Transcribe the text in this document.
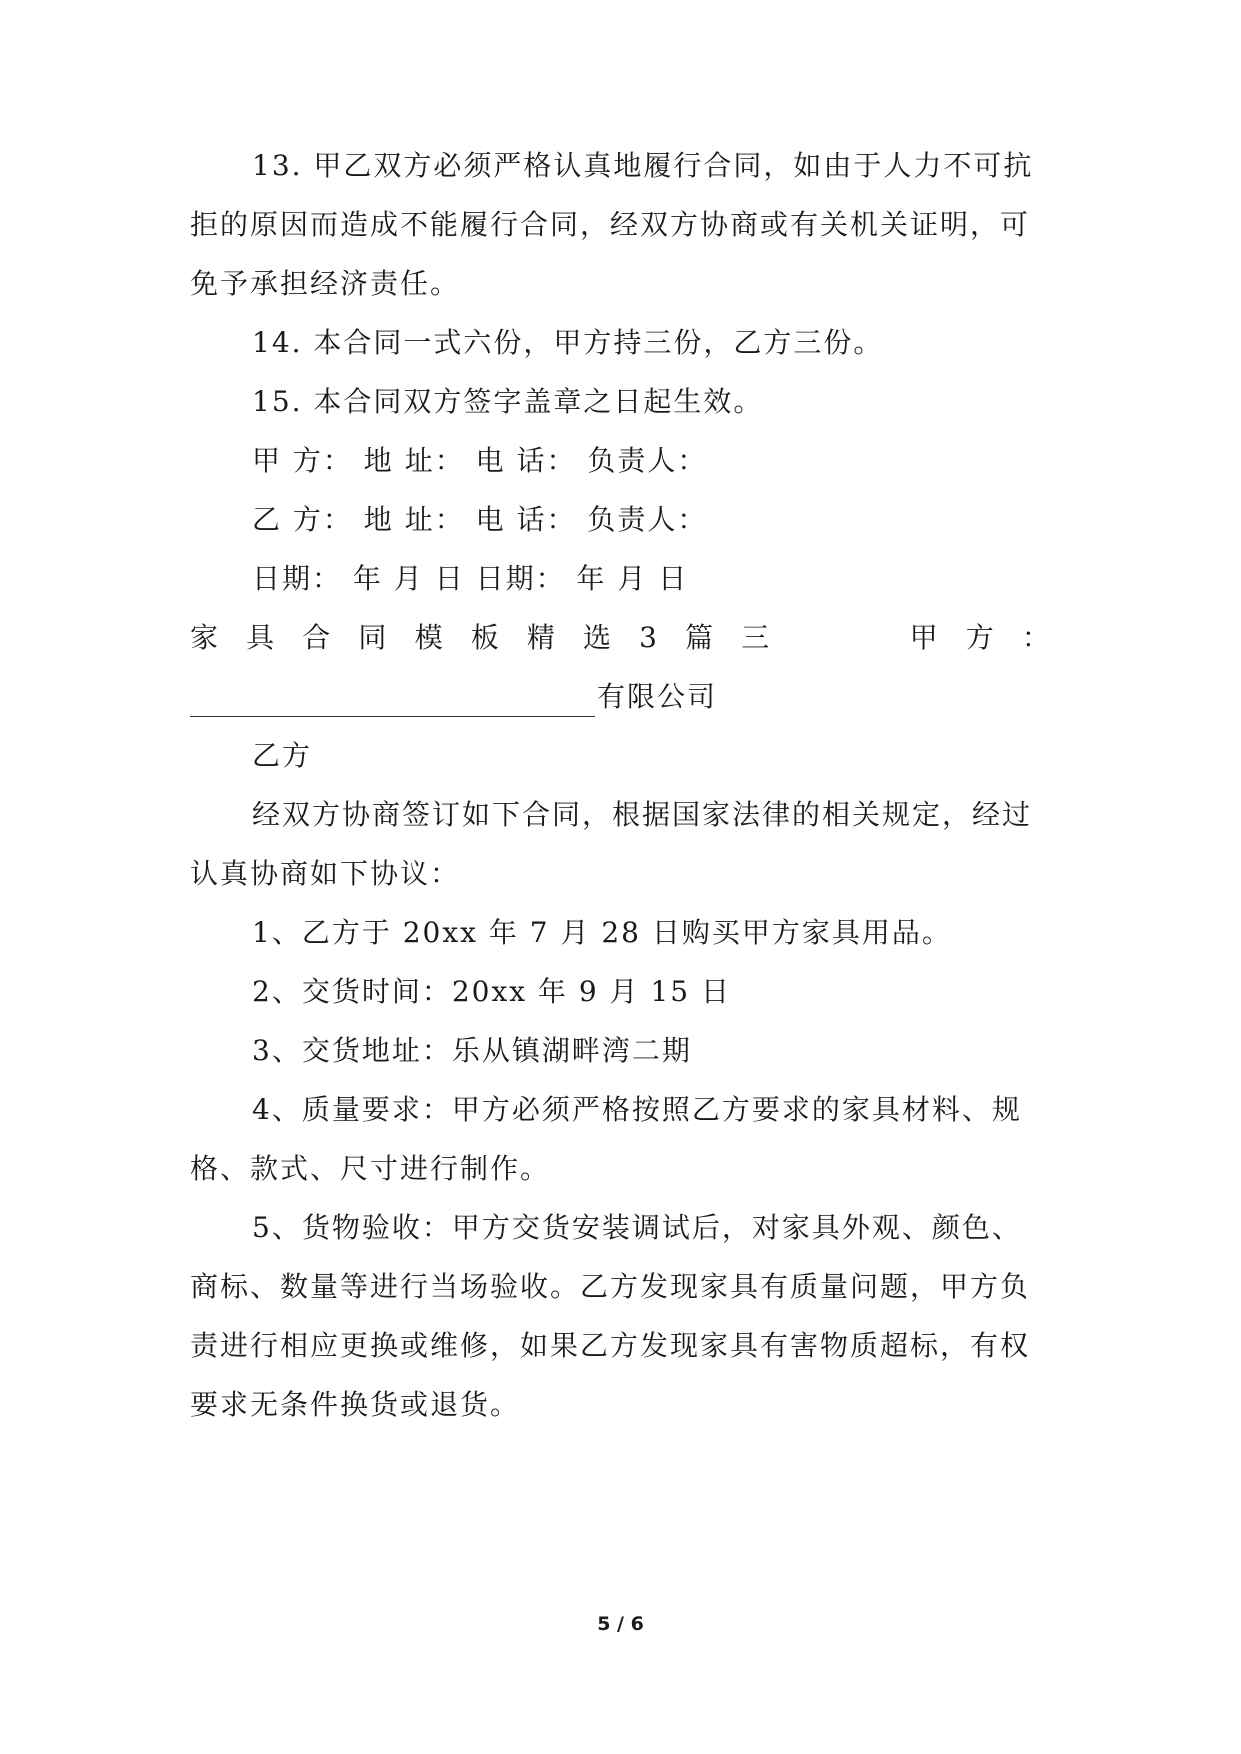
13. 甲乙双方必须严格认真地履行合同，如由于人力不可抗
拒的原因而造成不能履行合同，经双方协商或有关机关证明，可
免予承担经济责任。
14. 本合同一式六份，甲方持三份，乙方三份。
15. 本合同双方签字盖章之日起生效。
甲 方： 地 址： 电 话： 负责人：
乙 方： 地 址： 电 话： 负责人：
日期： 年 月 日 日期： 年 月 日
家 具 合 同 模 板 精 选 3 篇 三	甲 方 ：
有限公司
乙方
经双方协商签订如下合同，根据国家法律的相关规定，经过
认真协商如下协议：
1、乙方于 20xx 年 7 月 28 日购买甲方家具用品。
2、交货时间：20xx 年 9 月 15 日
3、交货地址：乐从镇湖畔湾二期
4、质量要求：甲方必须严格按照乙方要求的家具材料、规
格、款式、尺寸进行制作。
5、货物验收：甲方交货安装调试后，对家具外观、颜色、
商标、数量等进行当场验收。乙方发现家具有质量问题，甲方负
责进行相应更换或维修，如果乙方发现家具有害物质超标，有权
要求无条件换货或退货。
5 / 6
